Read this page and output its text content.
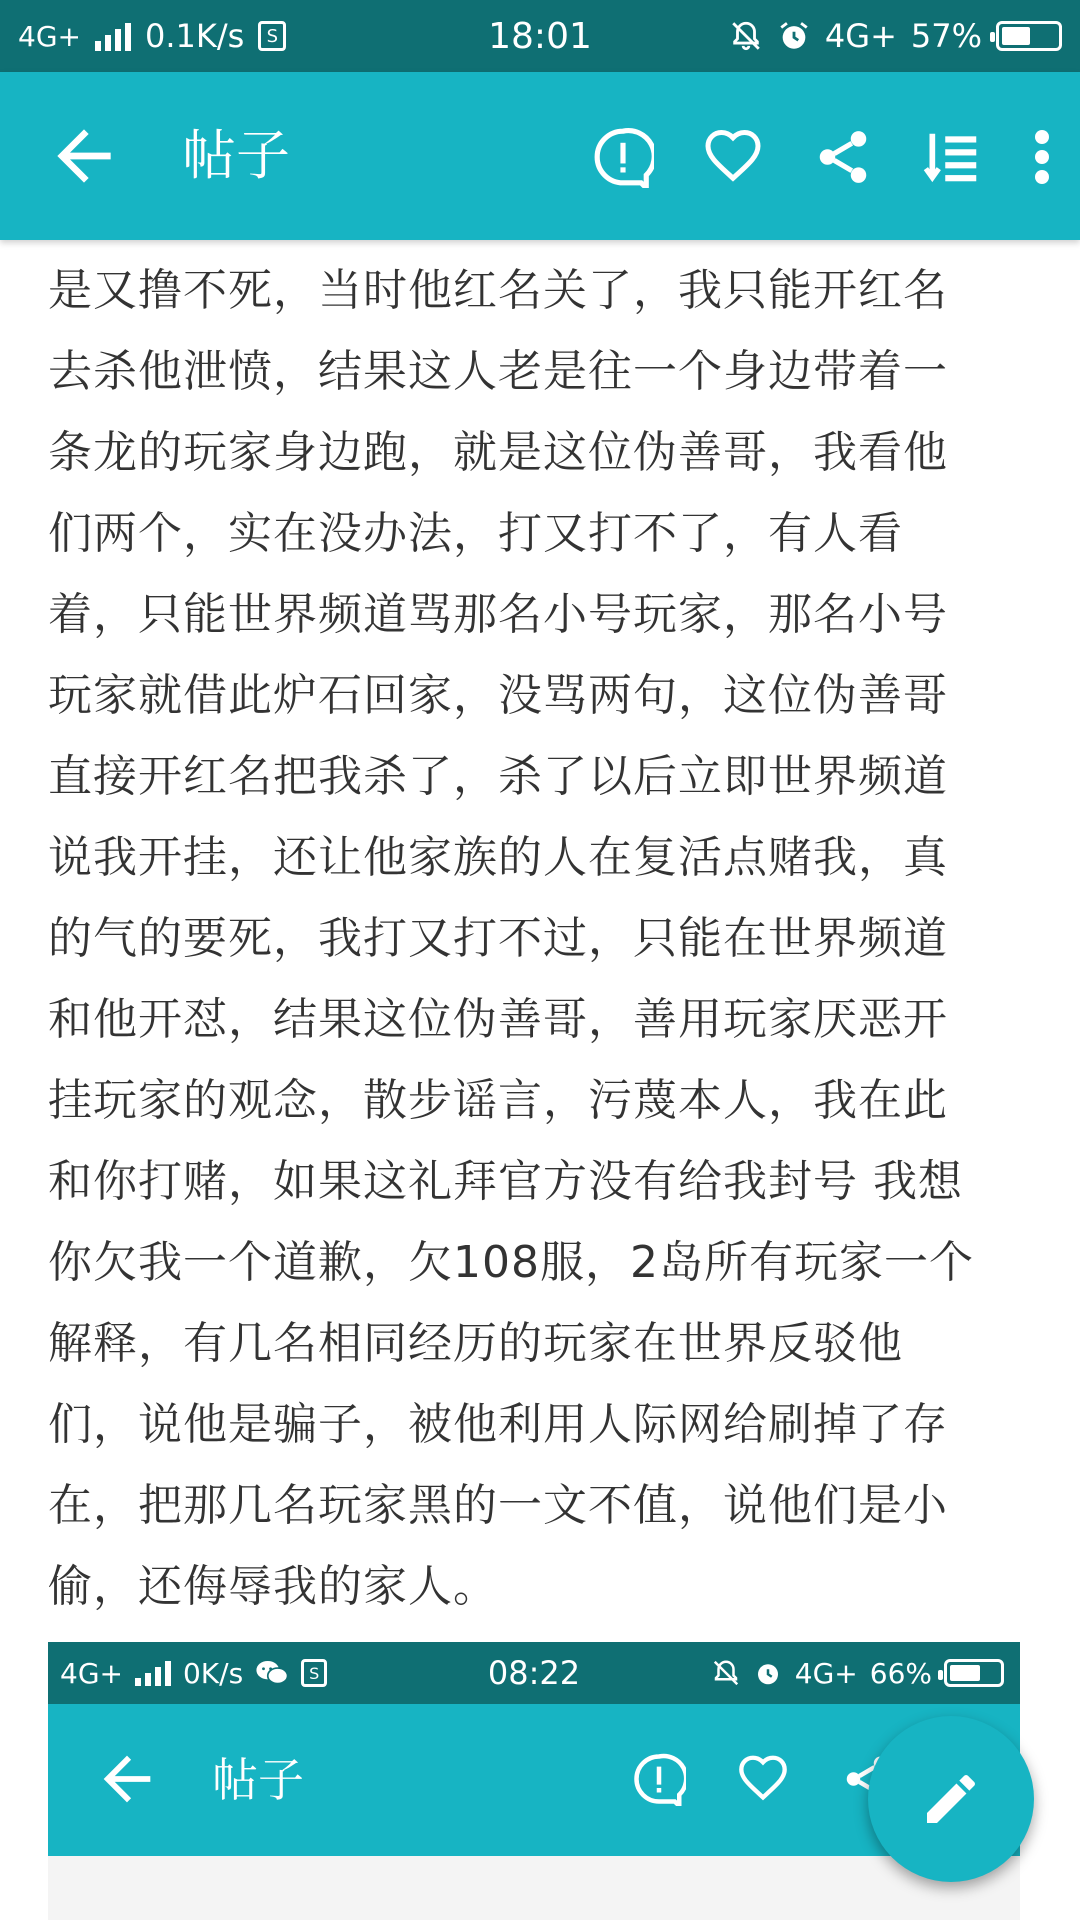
4G+ 0.1K/s	S	18:01	4G+ 57%
帖子

是又撸不死，当时他红名关了，我只能开红名

去杀他泄愤，结果这人老是往一个身边带着一

条龙的玩家身边跑，就是这位伪善哥，我看他

们两个，实在没办法，打又打不了，有人看

着，只能世界频道骂那名小号玩家，那名小号

玩家就借此炉石回家，没骂两句，这位伪善哥

直接开红名把我杀了，杀了以后立即世界频道

说我开挂，还让他家族的人在复活点赌我，真

的气的要死，我打又打不过，只能在世界频道

和他开怼，结果这位伪善哥，善用玩家厌恶开

挂玩家的观念，散步谣言，污蔑本人，我在此

和你打赌，如果这礼拜官方没有给我封号 我想

你欠我一个道歉，欠108服，2岛所有玩家一个

解释，有几名相同经历的玩家在世界反驳他

们，说他是骗子，被他利用人际网给刷掉了存

在，把那几名玩家黑的一文不值，说他们是小

偷，还侮辱我的家人。

4G+ 0K/s	S	08:22	4G+ 66%
帖子
